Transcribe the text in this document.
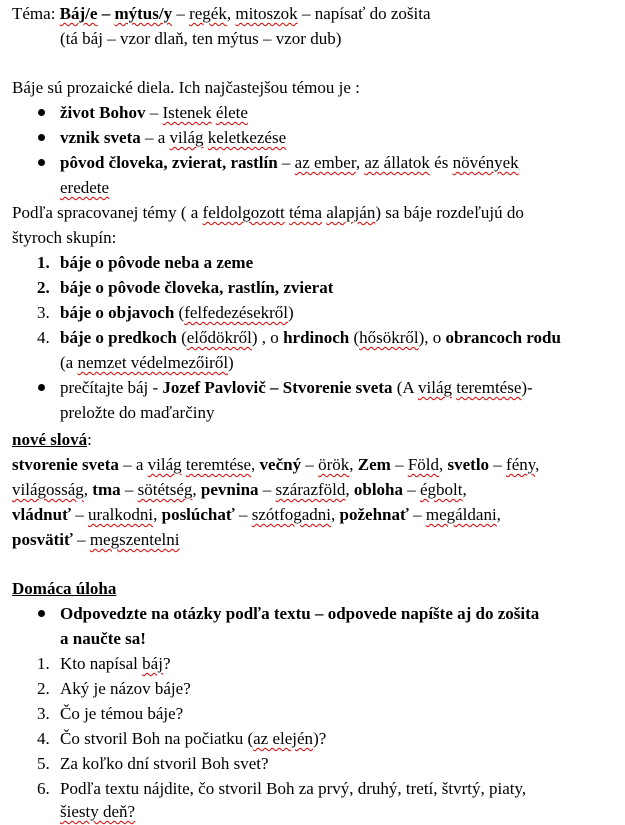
Téma: Báj/e – mýtus/y – regék, mitoszok – napísať do zošita
(tá báj – vzor dlaň, ten mýtus – vzor dub)
Báje sú prozaické diela. Ich najčastejšou témou je :
život Bohov – Istenek élete
vznik sveta – a világ keletkezése
pôvod človeka, zvierat, rastlín – az ember, az állatok és növények
eredete
Podľa spracovanej témy ( a feldolgozott téma alapján) sa báje rozdeľujú do
štyroch skupín:
1. báje o pôvode neba a zeme
2. báje o pôvode človeka, rastlín, zvierat
3. báje o objavoch (felfedezésekről)
4. báje o predkoch (elődökről) , o hrdinoch (hősökről), o obrancoch rodu
(a nemzet védelmezőiről)
prečítajte báj - Jozef Pavlovič – Stvorenie sveta (A világ teremtése)-
preložte do maďarčiny
nové slová:
stvorenie sveta – a világ teremtése, večný – örök, Zem – Föld, svetlo – fény,
világosság, tma – sötétség, pevnina – szárazföld, obloha – égbolt,
vládnuť – uralkodni, poslúchať – szótfogadni, požehnať – megáldani,
posvätiť – megszentelni
Domáca úloha
Odpovedzte na otázky podľa textu – odpovede napíšte aj do zošita
a naučte sa!
1. Kto napísal báj?
2. Aký je názov báje?
3. Čo je témou báje?
4. Čo stvoril Boh na počiatku (az elején)?
5. Za koľko dní stvoril Boh svet?
6. Podľa textu nájdite, čo stvoril Boh za prvý, druhý, tretí, štvrtý, piaty,
šiesty deň?
